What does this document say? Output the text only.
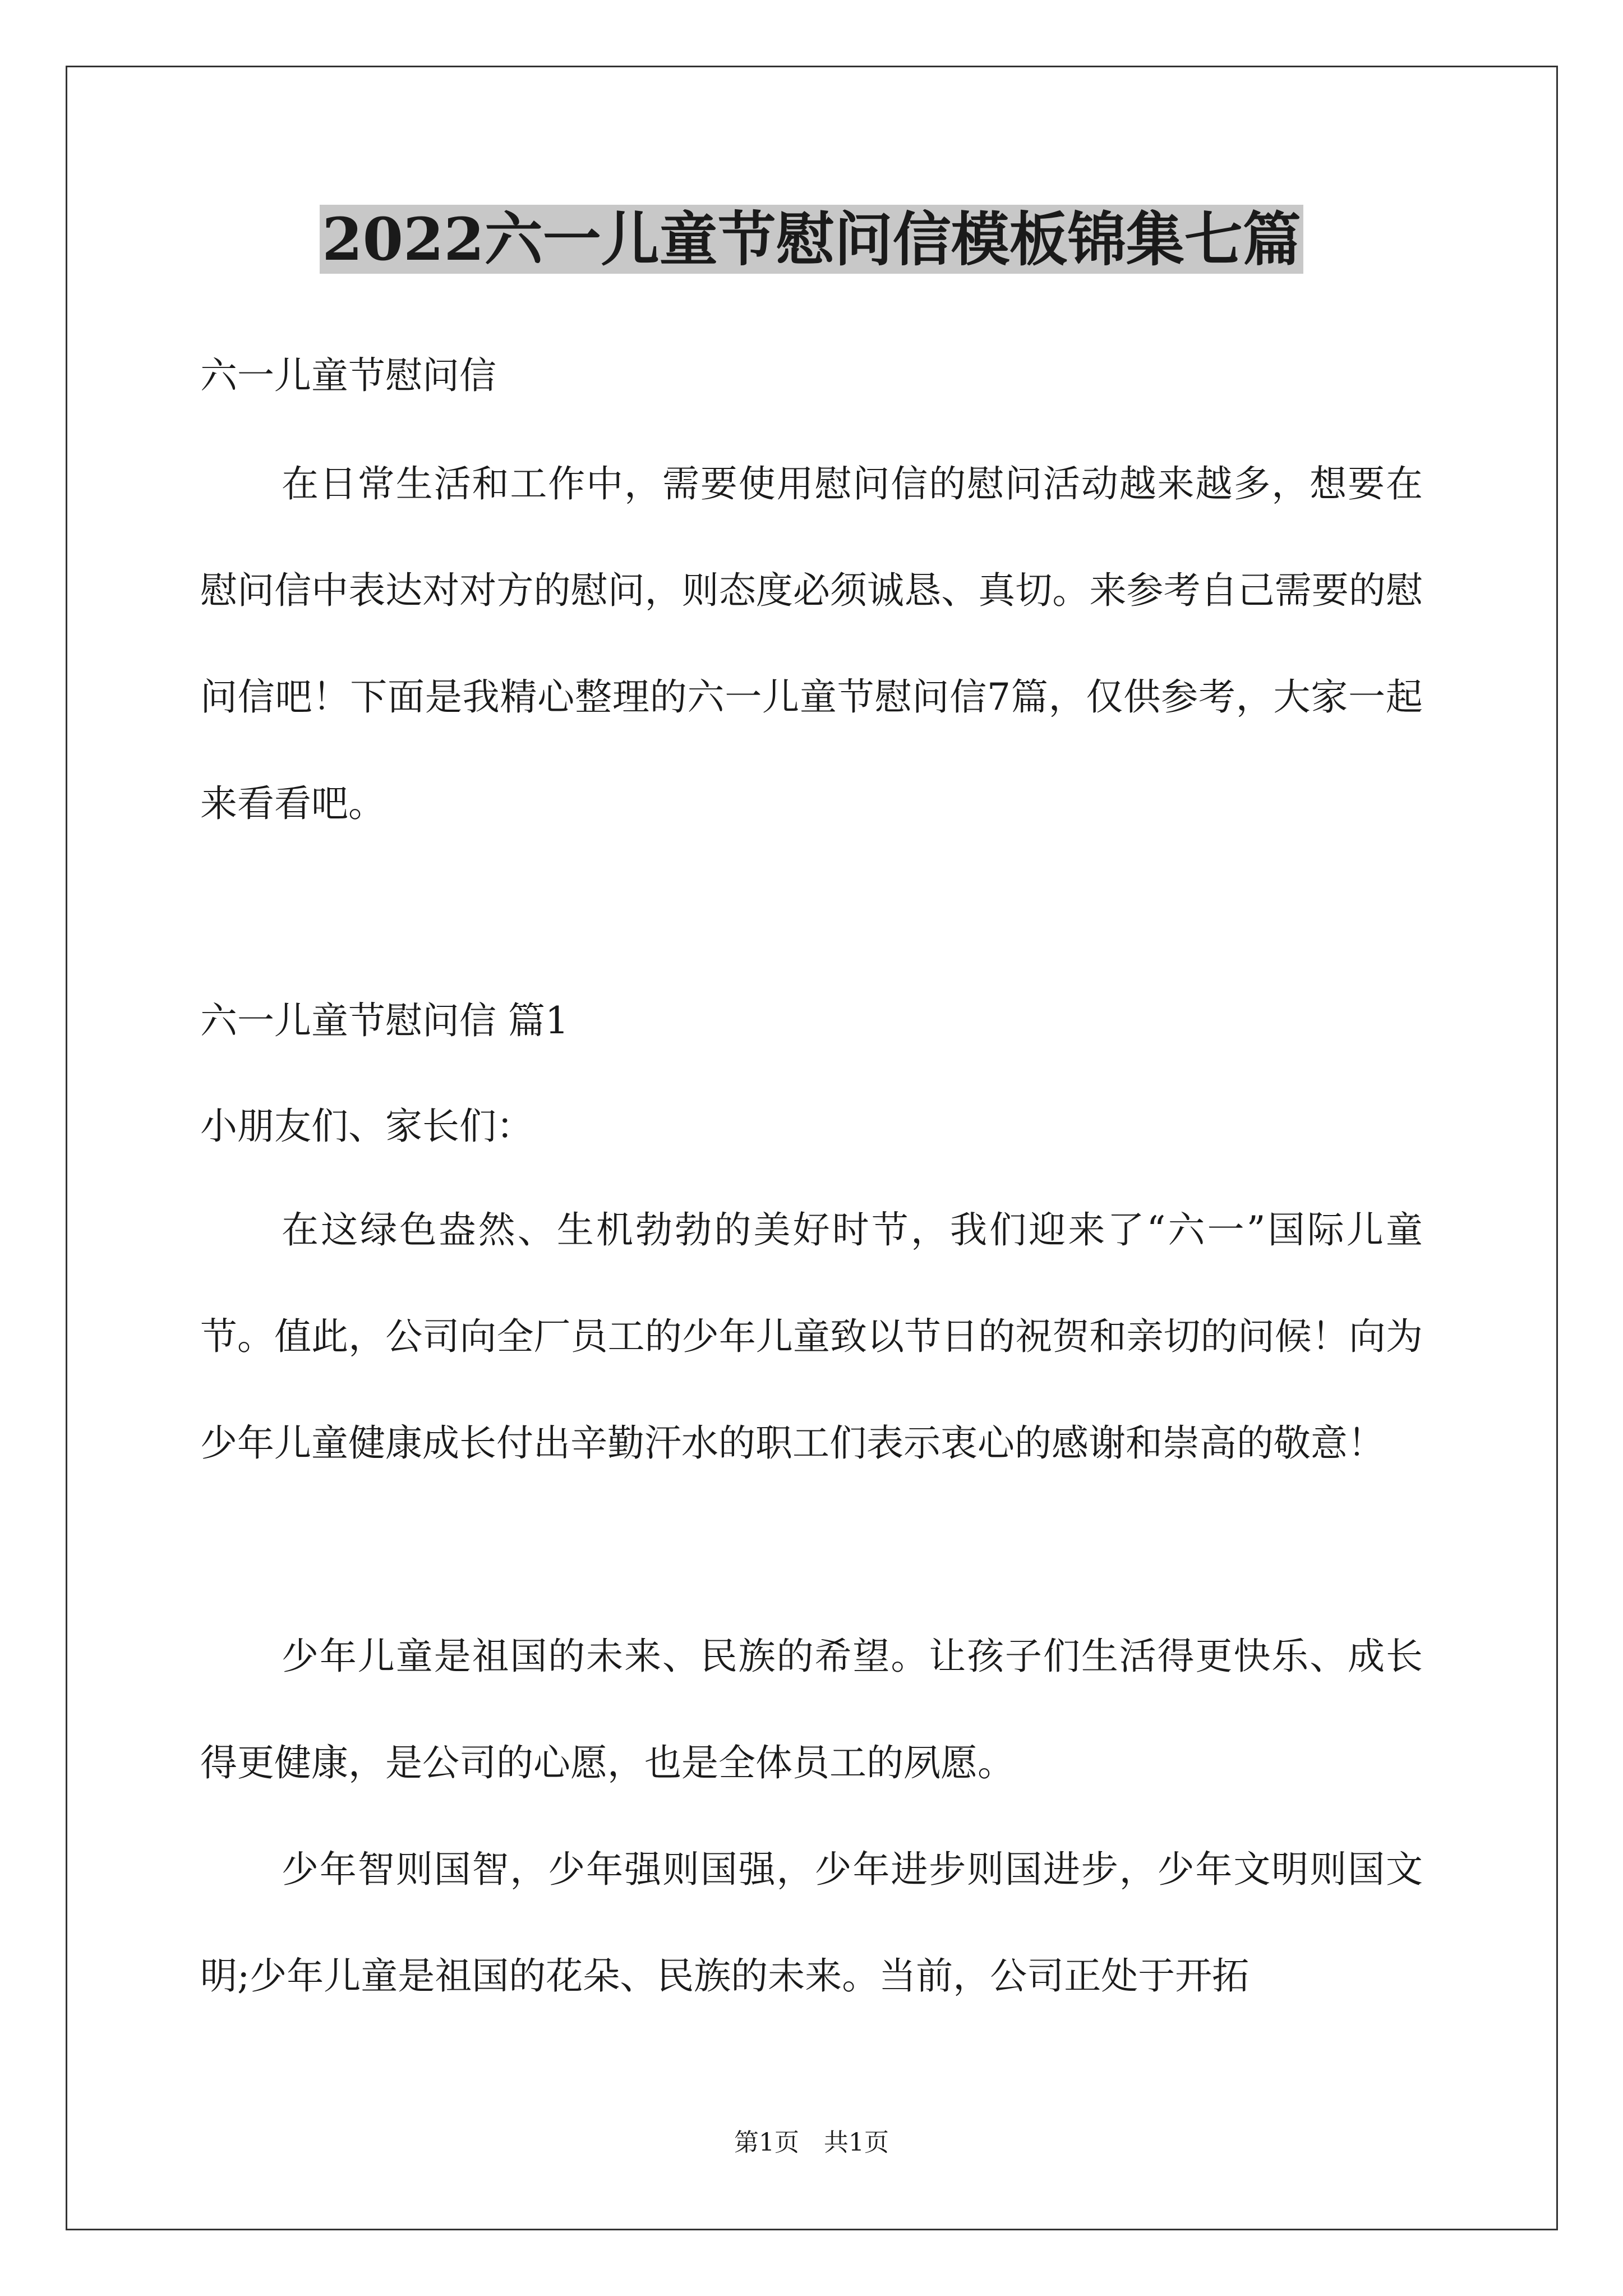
2022六一儿童节慰问信模板锦集七篇

六一儿童节慰问信

在日常生活和工作中，需要使用慰问信的慰问活动越来越多，想要在慰问信中表达对对方的慰问，则态度必须诚恳、真切。来参考自己需要的慰问信吧！下面是我精心整理的六一儿童节慰问信7篇，仅供参考，大家一起来看看吧。

六一儿童节慰问信 篇1

小朋友们、家长们：

在这绿色盎然、生机勃勃的美好时节，我们迎来了“六一”国际儿童节。值此，公司向全厂员工的少年儿童致以节日的祝贺和亲切的问候！向为少年儿童健康成长付出辛勤汗水的职工们表示衷心的感谢和崇高的敬意！

少年儿童是祖国的未来、民族的希望。让孩子们生活得更快乐、成长得更健康，是公司的心愿，也是全体员工的夙愿。

少年智则国智，少年强则国强，少年进步则国进步，少年文明则国文明;少年儿童是祖国的花朵、民族的未来。当前，公司正处于开拓

第1页　共1页
